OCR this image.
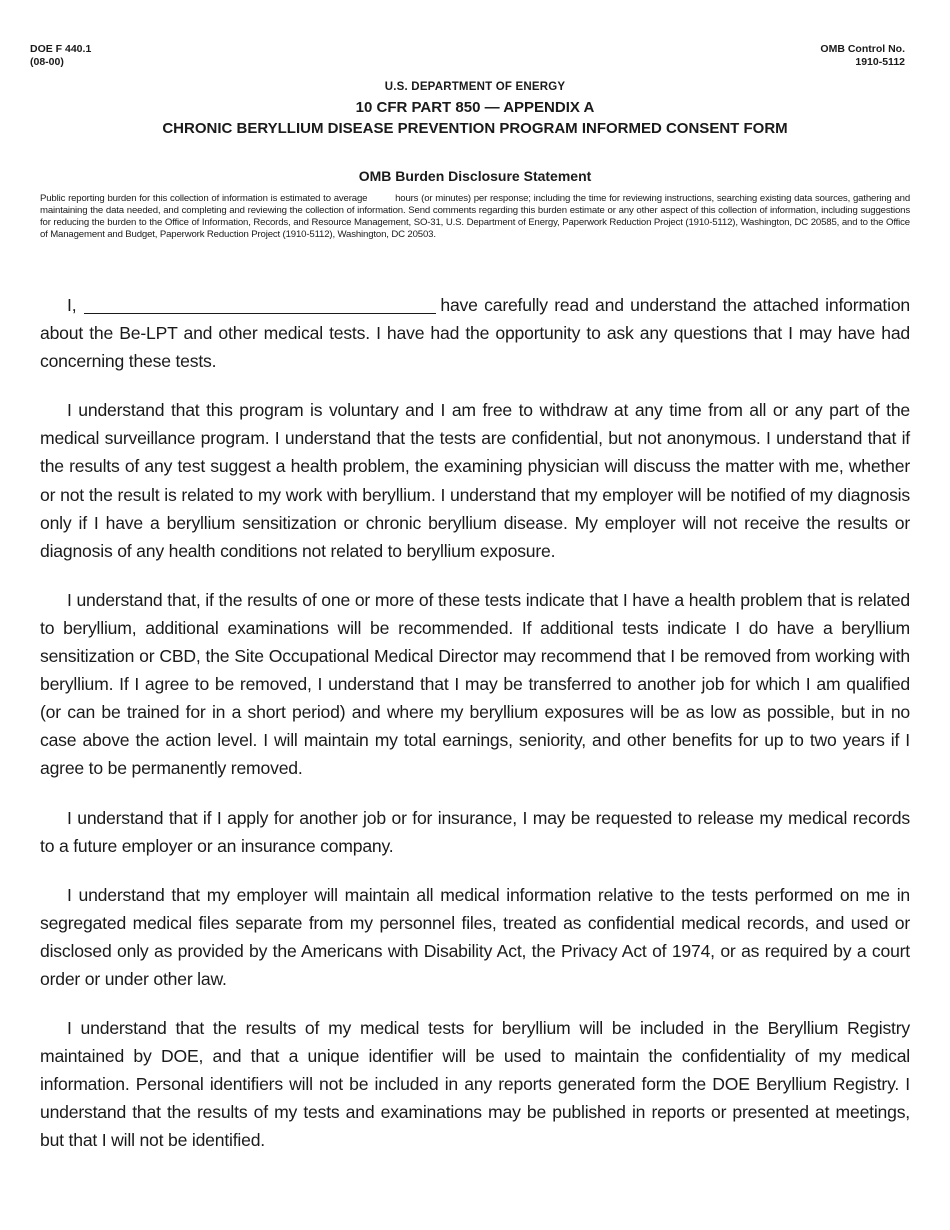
DOE F 440.1
(08-00)
OMB Control No.
1910-5112
U.S. DEPARTMENT OF ENERGY
10 CFR PART 850 — APPENDIX A
CHRONIC BERYLLIUM DISEASE PREVENTION PROGRAM INFORMED CONSENT FORM
OMB Burden Disclosure Statement
Public reporting burden for this collection of information is estimated to average	hours (or minutes) per response; including the time for reviewing instructions, searching existing data sources, gathering and maintaining the data needed, and completing and reviewing the collection of information. Send comments regarding this burden estimate or any other aspect of this collection of information, including suggestions for reducing the burden to the Office of Information, Records, and Resource Management, SO-31, U.S. Department of Energy, Paperwork Reduction Project (1910-5112), Washington, DC 20585, and to the Office of Management and Budget, Paperwork Reduction Project (1910-5112), Washington, DC 20503.

I,	have carefully read and understand the attached information about the Be-LPT and other medical tests. I have had the opportunity to ask any questions that I may have had concerning these tests.

I understand that this program is voluntary and I am free to withdraw at any time from all or any part of the medical surveillance program. I understand that the tests are confidential, but not anonymous. I understand that if the results of any test suggest a health problem, the examining physician will discuss the matter with me, whether or not the result is related to my work with beryllium. I understand that my employer will be notified of my diagnosis only if I have a beryllium sensitization or chronic beryllium disease. My employer will not receive the results or diagnosis of any health conditions not related to beryllium exposure.

I understand that, if the results of one or more of these tests indicate that I have a health problem that is related to beryllium, additional examinations will be recommended. If additional tests indicate I do have a beryllium sensitization or CBD, the Site Occupational Medical Director may recommend that I be removed from working with beryllium. If I agree to be removed, I understand that I may be transferred to another job for which I am qualified (or can be trained for in a short period) and where my beryllium exposures will be as low as possible, but in no case above the action level. I will maintain my total earnings, seniority, and other benefits for up to two years if I agree to be permanently removed.

I understand that if I apply for another job or for insurance, I may be requested to release my medical records to a future employer or an insurance company.

I understand that my employer will maintain all medical information relative to the tests performed on me in segregated medical files separate from my personnel files, treated as confidential medical records, and used or disclosed only as provided by the Americans with Disability Act, the Privacy Act of 1974, or as required by a court order or under other law.

I understand that the results of my medical tests for beryllium will be included in the Beryllium Registry maintained by DOE, and that a unique identifier will be used to maintain the confidentiality of my medical information. Personal identifiers will not be included in any reports generated form the DOE Beryllium Registry. I understand that the results of my tests and examinations may be published in reports or presented at meetings, but that I will not be identified.
